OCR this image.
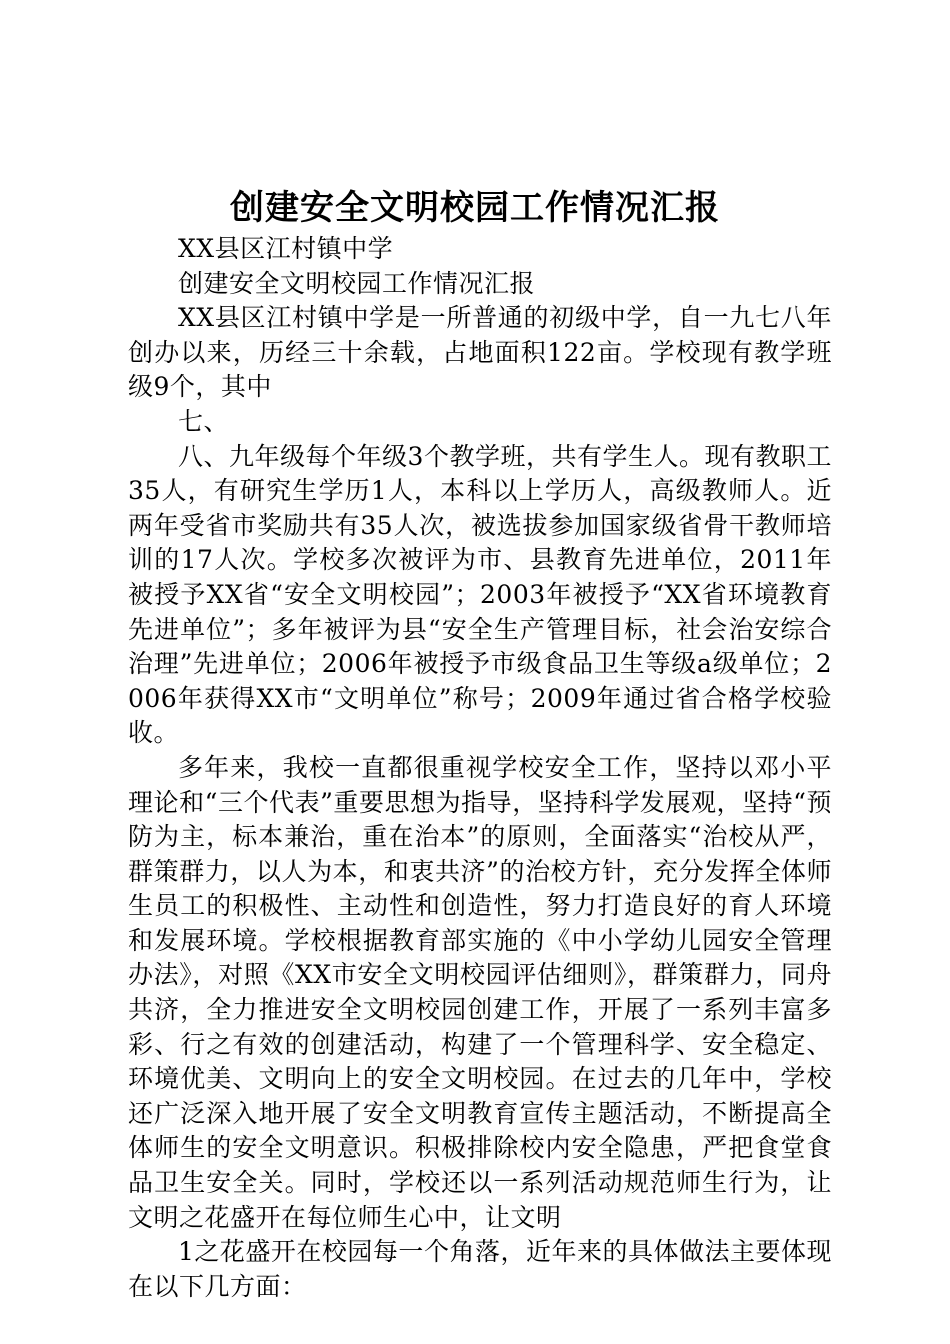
创建安全文明校园工作情况汇报

XX县区江村镇中学

创建安全文明校园工作情况汇报

XX县区江村镇中学是一所普通的初级中学，自一九七八年创办以来，历经三十余载，占地面积122亩。学校现有教学班级9个，其中

七、

八、九年级每个年级3个教学班，共有学生人。现有教职工35人，有研究生学历1人，本科以上学历人，高级教师人。近两年受省市奖励共有35人次，被选拔参加国家级省骨干教师培训的17人次。学校多次被评为市、县教育先进单位，2011年被授予XX省“安全文明校园”；2003年被授予“XX省环境教育先进单位”；多年被评为县“安全生产管理目标，社会治安综合治理”先进单位；2006年被授予市级食品卫生等级a级单位；2006年获得XX市“文明单位”称号；2009年通过省合格学校验收。

多年来，我校一直都很重视学校安全工作，坚持以邓小平理论和“三个代表”重要思想为指导，坚持科学发展观，坚持“预防为主，标本兼治，重在治本”的原则，全面落实“治校从严，群策群力，以人为本，和衷共济”的治校方针，充分发挥全体师生员工的积极性、主动性和创造性，努力打造良好的育人环境和发展环境。学校根据教育部实施的《中小学幼儿园安全管理办法》，对照《XX市安全文明校园评估细则》，群策群力，同舟共济，全力推进安全文明校园创建工作，开展了一系列丰富多彩、行之有效的创建活动，构建了一个管理科学、安全稳定、环境优美、文明向上的安全文明校园。在过去的几年中，学校还广泛深入地开展了安全文明教育宣传主题活动，不断提高全体师生的安全文明意识。积极排除校内安全隐患，严把食堂食品卫生安全关。同时，学校还以一系列活动规范师生行为，让文明之花盛开在每位师生心中，让文明

1之花盛开在校园每一个角落，近年来的具体做法主要体现在以下几方面：
